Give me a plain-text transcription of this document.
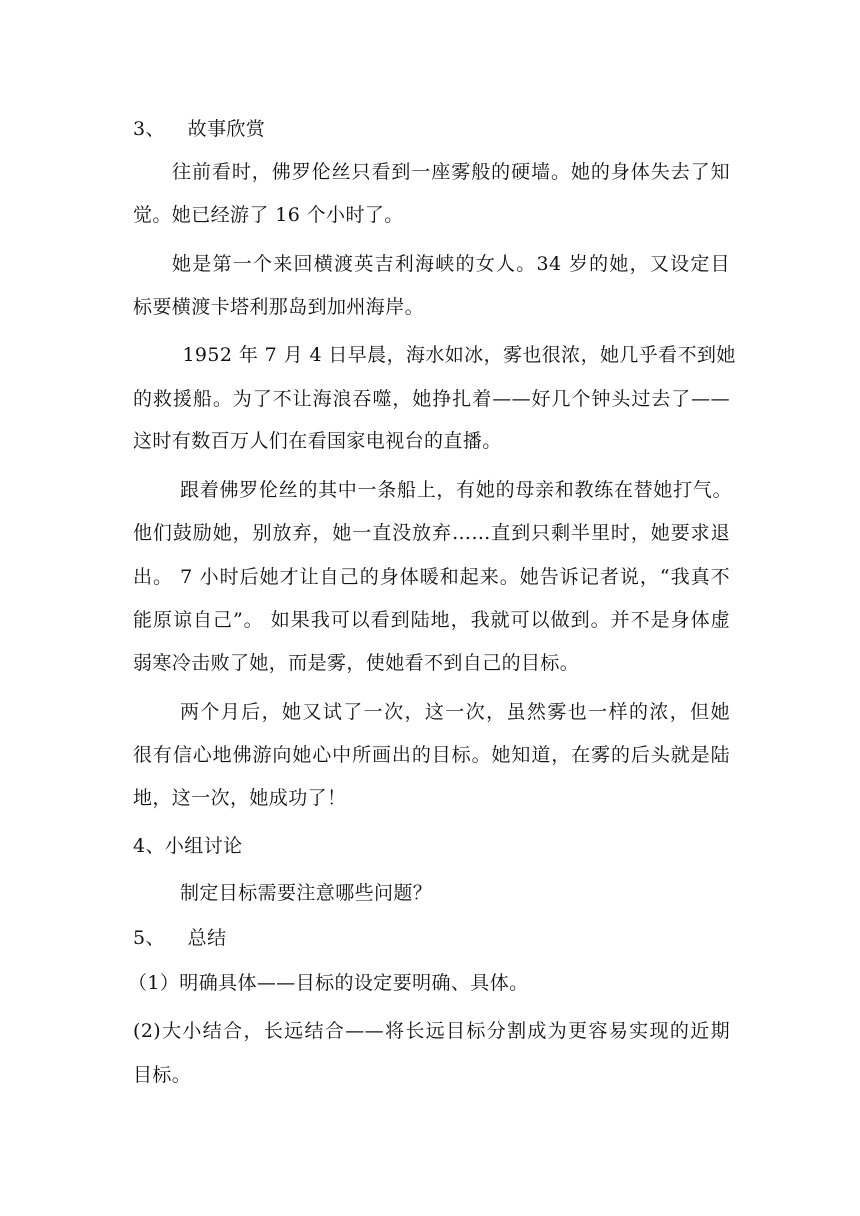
3、　  故事欣赏
往前看时，佛罗伦丝只看到一座雾般的硬墙。她的身体失去了知
觉。她已经游了 16 个小时了。
她是第一个来回横渡英吉利海峡的女人。34 岁的她，又设定目
标要横渡卡塔利那岛到加州海岸。
1952 年 7 月 4 日早晨，海水如冰，雾也很浓，她几乎看不到她
的救援船。为了不让海浪吞噬，她挣扎着——好几个钟头过去了——
这时有数百万人们在看国家电视台的直播。
跟着佛罗伦丝的其中一条船上，有她的母亲和教练在替她打气。
他们鼓励她，别放弃，她一直没放弃……直到只剩半里时，她要求退
出。 7 小时后她才让自己的身体暖和起来。她告诉记者说，“我真不
能原谅自己”。 如果我可以看到陆地，我就可以做到。并不是身体虚
弱寒冷击败了她，而是雾，使她看不到自己的目标。
两个月后，她又试了一次，这一次，虽然雾也一样的浓，但她
很有信心地佛游向她心中所画出的目标。她知道，在雾的后头就是陆
地，这一次，她成功了！
4、小组讨论
制定目标需要注意哪些问题？
5、　  总结
（1）明确具体——目标的设定要明确、具体。
(2)大小结合，长远结合——将长远目标分割成为更容易实现的近期
目标。
